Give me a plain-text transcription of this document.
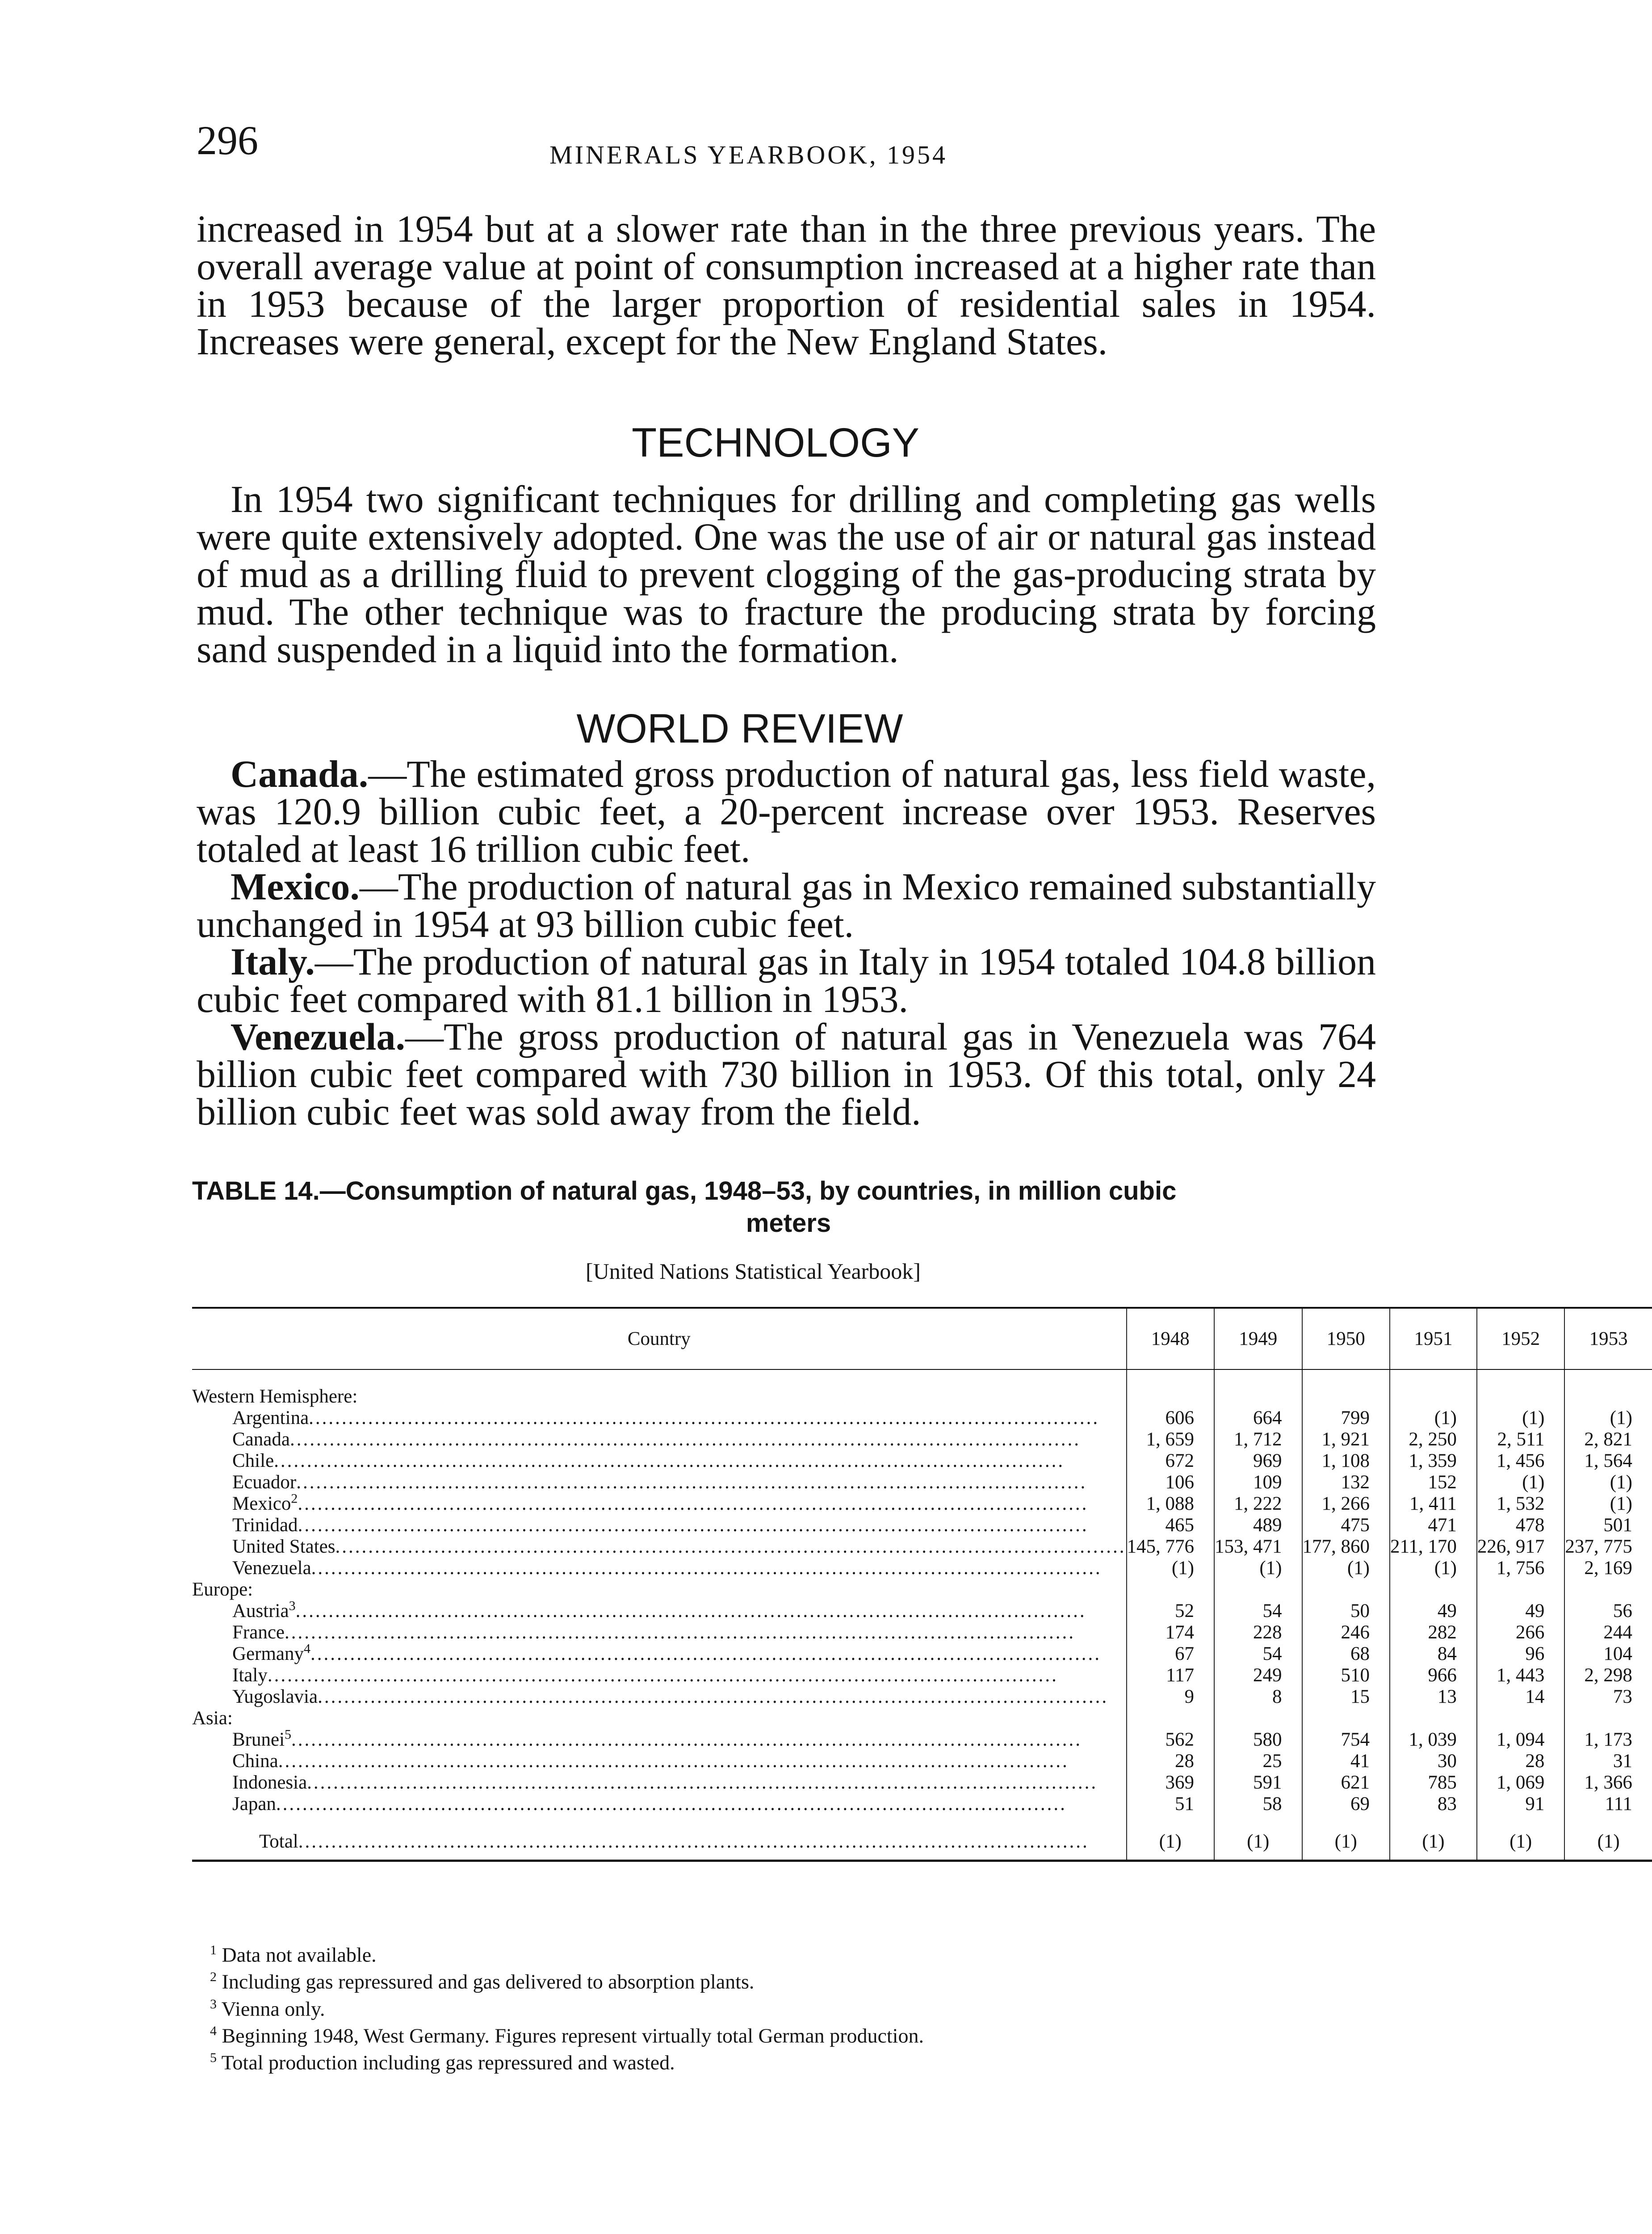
296	MINERALS YEARBOOK, 1954

increased in 1954 but at a slower rate than in the three previous years. The overall average value at point of consumption increased at a higher rate than in 1953 because of the larger proportion of residential sales in 1954. Increases were general, except for the New England States.

TECHNOLOGY

In 1954 two significant techniques for drilling and completing gas wells were quite extensively adopted. One was the use of air or natural gas instead of mud as a drilling fluid to prevent clogging of the gas-producing strata by mud. The other technique was to fracture the producing strata by forcing sand suspended in a liquid into the formation.

WORLD REVIEW

Canada.—The estimated gross production of natural gas, less field waste, was 120.9 billion cubic feet, a 20-percent increase over 1953. Reserves totaled at least 16 trillion cubic feet.

Mexico.—The production of natural gas in Mexico remained substantially unchanged in 1954 at 93 billion cubic feet.

Italy.—The production of natural gas in Italy in 1954 totaled 104.8 billion cubic feet compared with 81.1 billion in 1953.

Venezuela.—The gross production of natural gas in Venezuela was 764 billion cubic feet compared with 730 billion in 1953. Of this total, only 24 billion cubic feet was sold away from the field.

TABLE 14.—Consumption of natural gas, 1948–53, by countries, in million cubic
meters
[United Nations Statistical Yearbook]
Country	1948	1949	1950	1951	1952	1953

Western Hemisphere:						
Argentina........................................................................................................................	606	664	799	(1)	(1)	(1)
Canada........................................................................................................................	1, 659	1, 712	1, 921	2, 250	2, 511	2, 821
Chile........................................................................................................................	672	969	1, 108	1, 359	1, 456	1, 564
Ecuador........................................................................................................................	106	109	132	152	(1)	(1)
Mexico$^2$........................................................................................................................	1, 088	1, 222	1, 266	1, 411	1, 532	(1)
Trinidad........................................................................................................................	465	489	475	471	478	501
United States........................................................................................................................	145, 776	153, 471	177, 860	211, 170	226, 917	237, 775
Venezuela........................................................................................................................	(1)	(1)	(1)	(1)	1, 756	2, 169
Europe:						
Austria$^3$........................................................................................................................	52	54	50	49	49	56
France........................................................................................................................	174	228	246	282	266	244
Germany$^4$........................................................................................................................	67	54	68	84	96	104
Italy........................................................................................................................	117	249	510	966	1, 443	2, 298
Yugoslavia........................................................................................................................	9	8	15	13	14	73
Asia:						
Brunei$^5$........................................................................................................................	562	580	754	1, 039	1, 094	1, 173
China........................................................................................................................	28	25	41	30	28	31
Indonesia........................................................................................................................	369	591	621	785	1, 069	1, 366
Japan........................................................................................................................	51	58	69	83	91	111

Total........................................................................................................................	(1)	(1)	(1)	(1)	(1)	(1)

$^1$ Data not available.
$^2$ Including gas repressured and gas delivered to absorption plants.
$^3$ Vienna only.
$^4$ Beginning 1948, West Germany. Figures represent virtually total German production.
$^5$ Total production including gas repressured and wasted.
